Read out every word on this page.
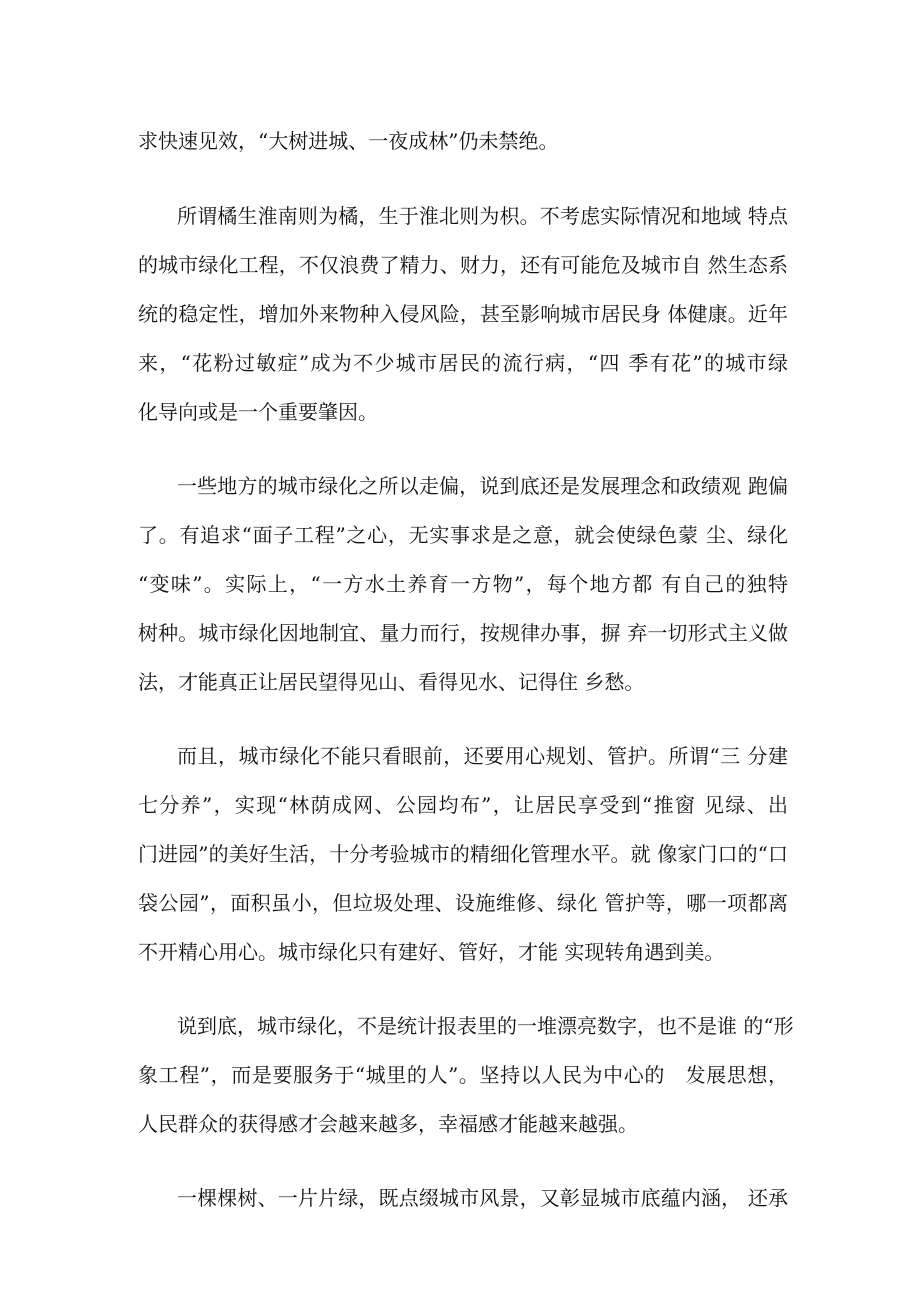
求快速见效，“大树进城、一夜成林”仍未禁绝。
所谓橘生淮南则为橘，生于淮北则为枳。不考虑实际情况和地域 特点
的城市绿化工程，不仅浪费了精力、财力，还有可能危及城市自 然生态系
统的稳定性，增加外来物种入侵风险，甚至影响城市居民身 体健康。近年
来，“花粉过敏症”成为不少城市居民的流行病，“四 季有花”的城市绿
化导向或是一个重要肇因。
一些地方的城市绿化之所以走偏，说到底还是发展理念和政绩观 跑偏
了。有追求“面子工程”之心，无实事求是之意，就会使绿色蒙 尘、绿化
“变味”。实际上，“一方水土养育一方物”，每个地方都 有自己的独特
树种。城市绿化因地制宜、量力而行，按规律办事，摒 弃一切形式主义做
法，才能真正让居民望得见山、看得见水、记得住 乡愁。
而且，城市绿化不能只看眼前，还要用心规划、管护。所谓“三 分建
七分养”，实现“林荫成网、公园均布”，让居民享受到“推窗 见绿、出
门进园”的美好生活，十分考验城市的精细化管理水平。就 像家门口的“口
袋公园”，面积虽小，但垃圾处理、设施维修、绿化 管护等，哪一项都离
不开精心用心。城市绿化只有建好、管好，才能 实现转角遇到美。
说到底，城市绿化，不是统计报表里的一堆漂亮数字，也不是谁 的“形
象工程”，而是要服务于“城里的人”。坚持以人民为中心的　发展思想，
人民群众的获得感才会越来越多，幸福感才能越来越强。
一棵棵树、一片片绿，既点缀城市风景，又彰显城市底蕴内涵， 还承
